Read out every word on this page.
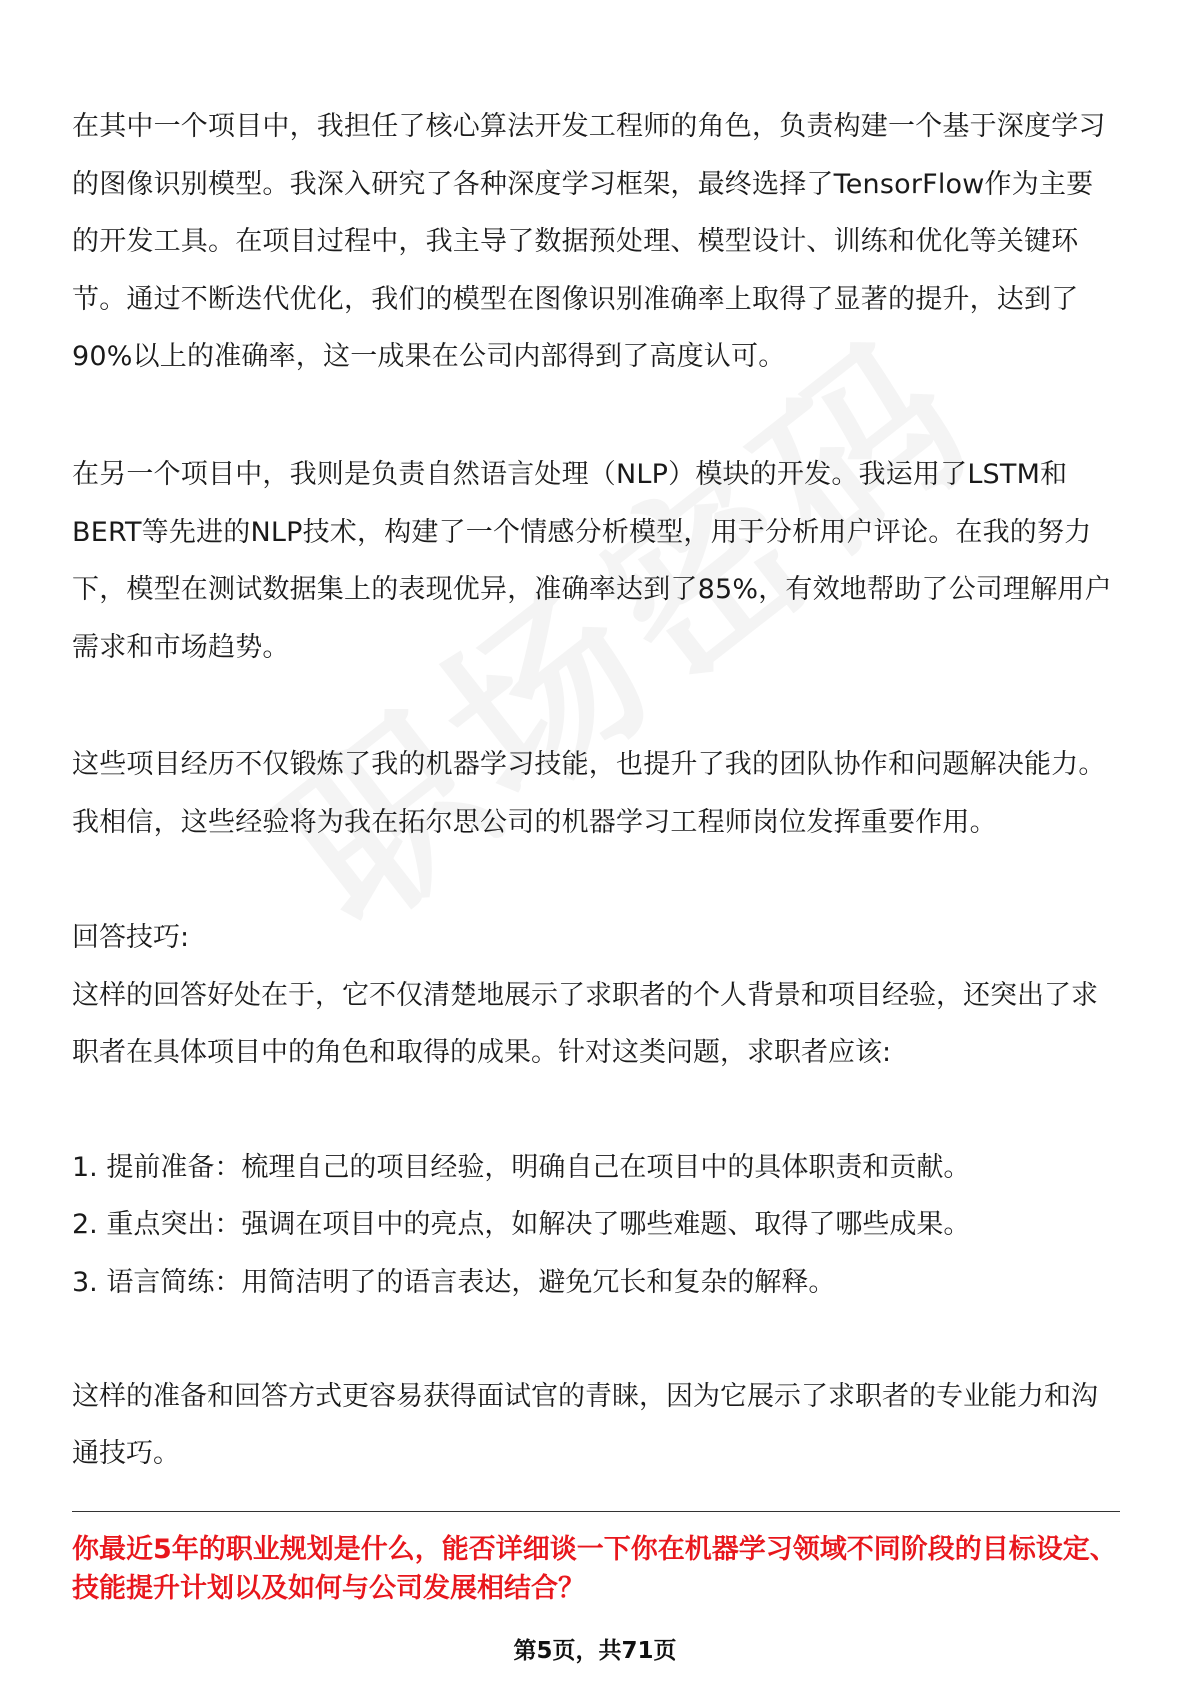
在其中一个项目中，我担任了核心算法开发工程师的角色，负责构建一个基于深度学习的图像识别模型。我深入研究了各种深度学习框架，最终选择了TensorFlow作为主要的开发工具。在项目过程中，我主导了数据预处理、模型设计、训练和优化等关键环节。通过不断迭代优化，我们的模型在图像识别准确率上取得了显著的提升，达到了90%以上的准确率，这一成果在公司内部得到了高度认可。

在另一个项目中，我则是负责自然语言处理（NLP）模块的开发。我运用了LSTM和BERT等先进的NLP技术，构建了一个情感分析模型，用于分析用户评论。在我的努力下，模型在测试数据集上的表现优异，准确率达到了85%，有效地帮助了公司理解用户需求和市场趋势。

这些项目经历不仅锻炼了我的机器学习技能，也提升了我的团队协作和问题解决能力。我相信，这些经验将为我在拓尔思公司的机器学习工程师岗位发挥重要作用。

回答技巧:

这样的回答好处在于，它不仅清楚地展示了求职者的个人背景和项目经验，还突出了求职者在具体项目中的角色和取得的成果。针对这类问题，求职者应该:

1. 提前准备：梳理自己的项目经验，明确自己在项目中的具体职责和贡献。
2. 重点突出：强调在项目中的亮点，如解决了哪些难题、取得了哪些成果。
3. 语言简练：用简洁明了的语言表达，避免冗长和复杂的解释。

这样的准备和回答方式更容易获得面试官的青睐，因为它展示了求职者的专业能力和沟通技巧。

你最近5年的职业规划是什么，能否详细谈一下你在机器学习领域不同阶段的目标设定、技能提升计划以及如何与公司发展相结合？

第5页，共71页
